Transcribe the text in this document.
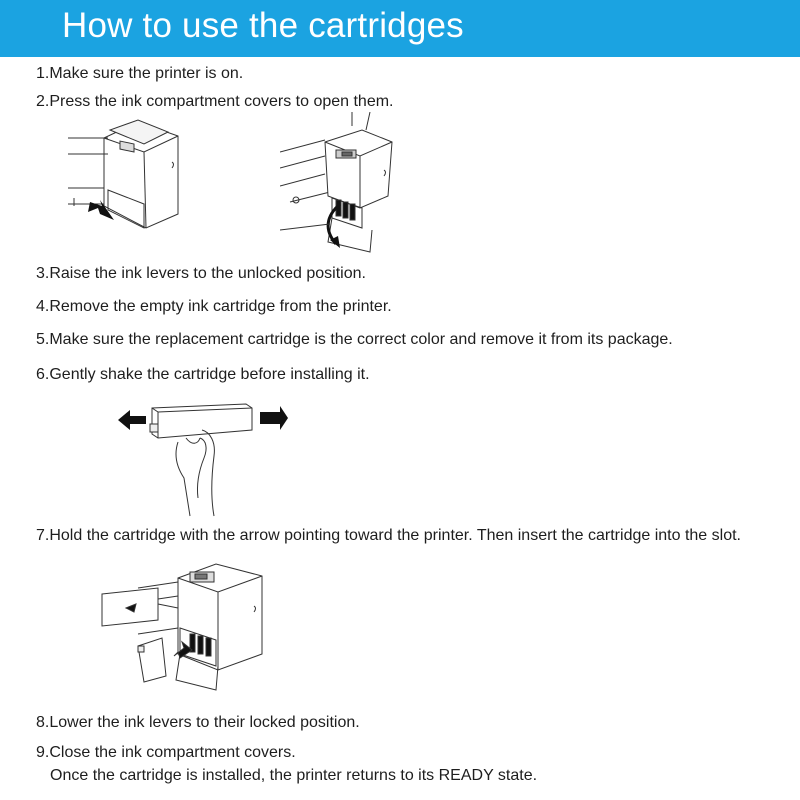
How to use the cartridges
1.Make sure the printer is on.
2.Press the ink compartment covers to open them.
3.Raise the ink levers to the unlocked position.
4.Remove the empty ink cartridge from the printer.
5.Make sure the replacement cartridge is the correct color and remove it from its package.
6.Gently shake the cartridge before installing it.
7.Hold the cartridge with the arrow pointing toward the printer. Then insert the cartridge into the slot.
8.Lower the ink levers to their locked position.
9.Close the ink compartment covers.
Once the cartridge is installed, the printer returns to its READY state.
